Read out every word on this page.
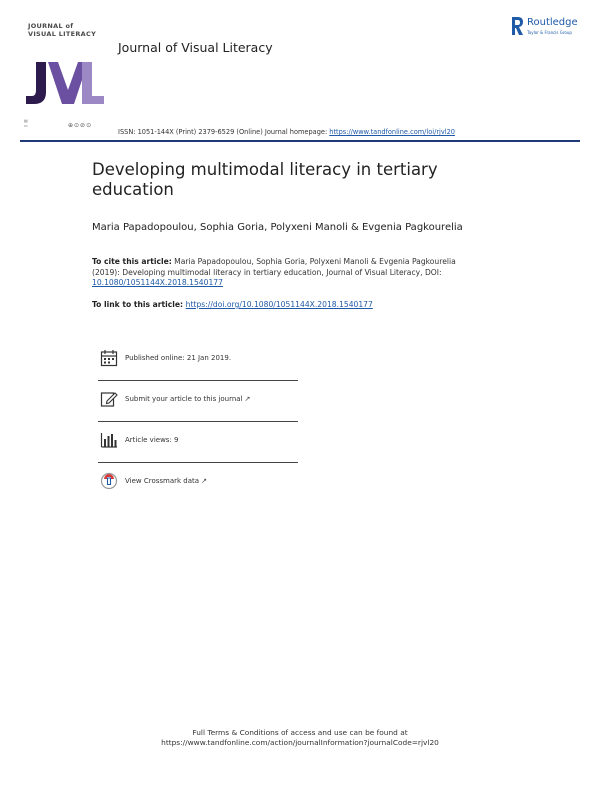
JOURNAL of
VISUAL LITERACY
▤
▭	⊕⊙⊘⊙
Journal of Visual Literacy
Routledge
Taylor & Francis Group
ISSN: 1051-144X (Print) 2379-6529 (Online) Journal homepage: https://www.tandfonline.com/loi/rjvl20
Developing multimodal literacy in tertiary
education
Maria Papadopoulou, Sophia Goria, Polyxeni Manoli & Evgenia Pagkourelia
To cite this article: Maria Papadopoulou, Sophia Goria, Polyxeni Manoli & Evgenia Pagkourelia
(2019): Developing multimodal literacy in tertiary education, Journal of Visual Literacy, DOI:
10.1080/1051144X.2018.1540177
To link to this article: https://doi.org/10.1080/1051144X.2018.1540177
Published online: 21 Jan 2019.
Submit your article to this journal ↗
Article views: 9
View Crossmark data ↗
Full Terms & Conditions of access and use can be found at
https://www.tandfonline.com/action/journalInformation?journalCode=rjvl20
